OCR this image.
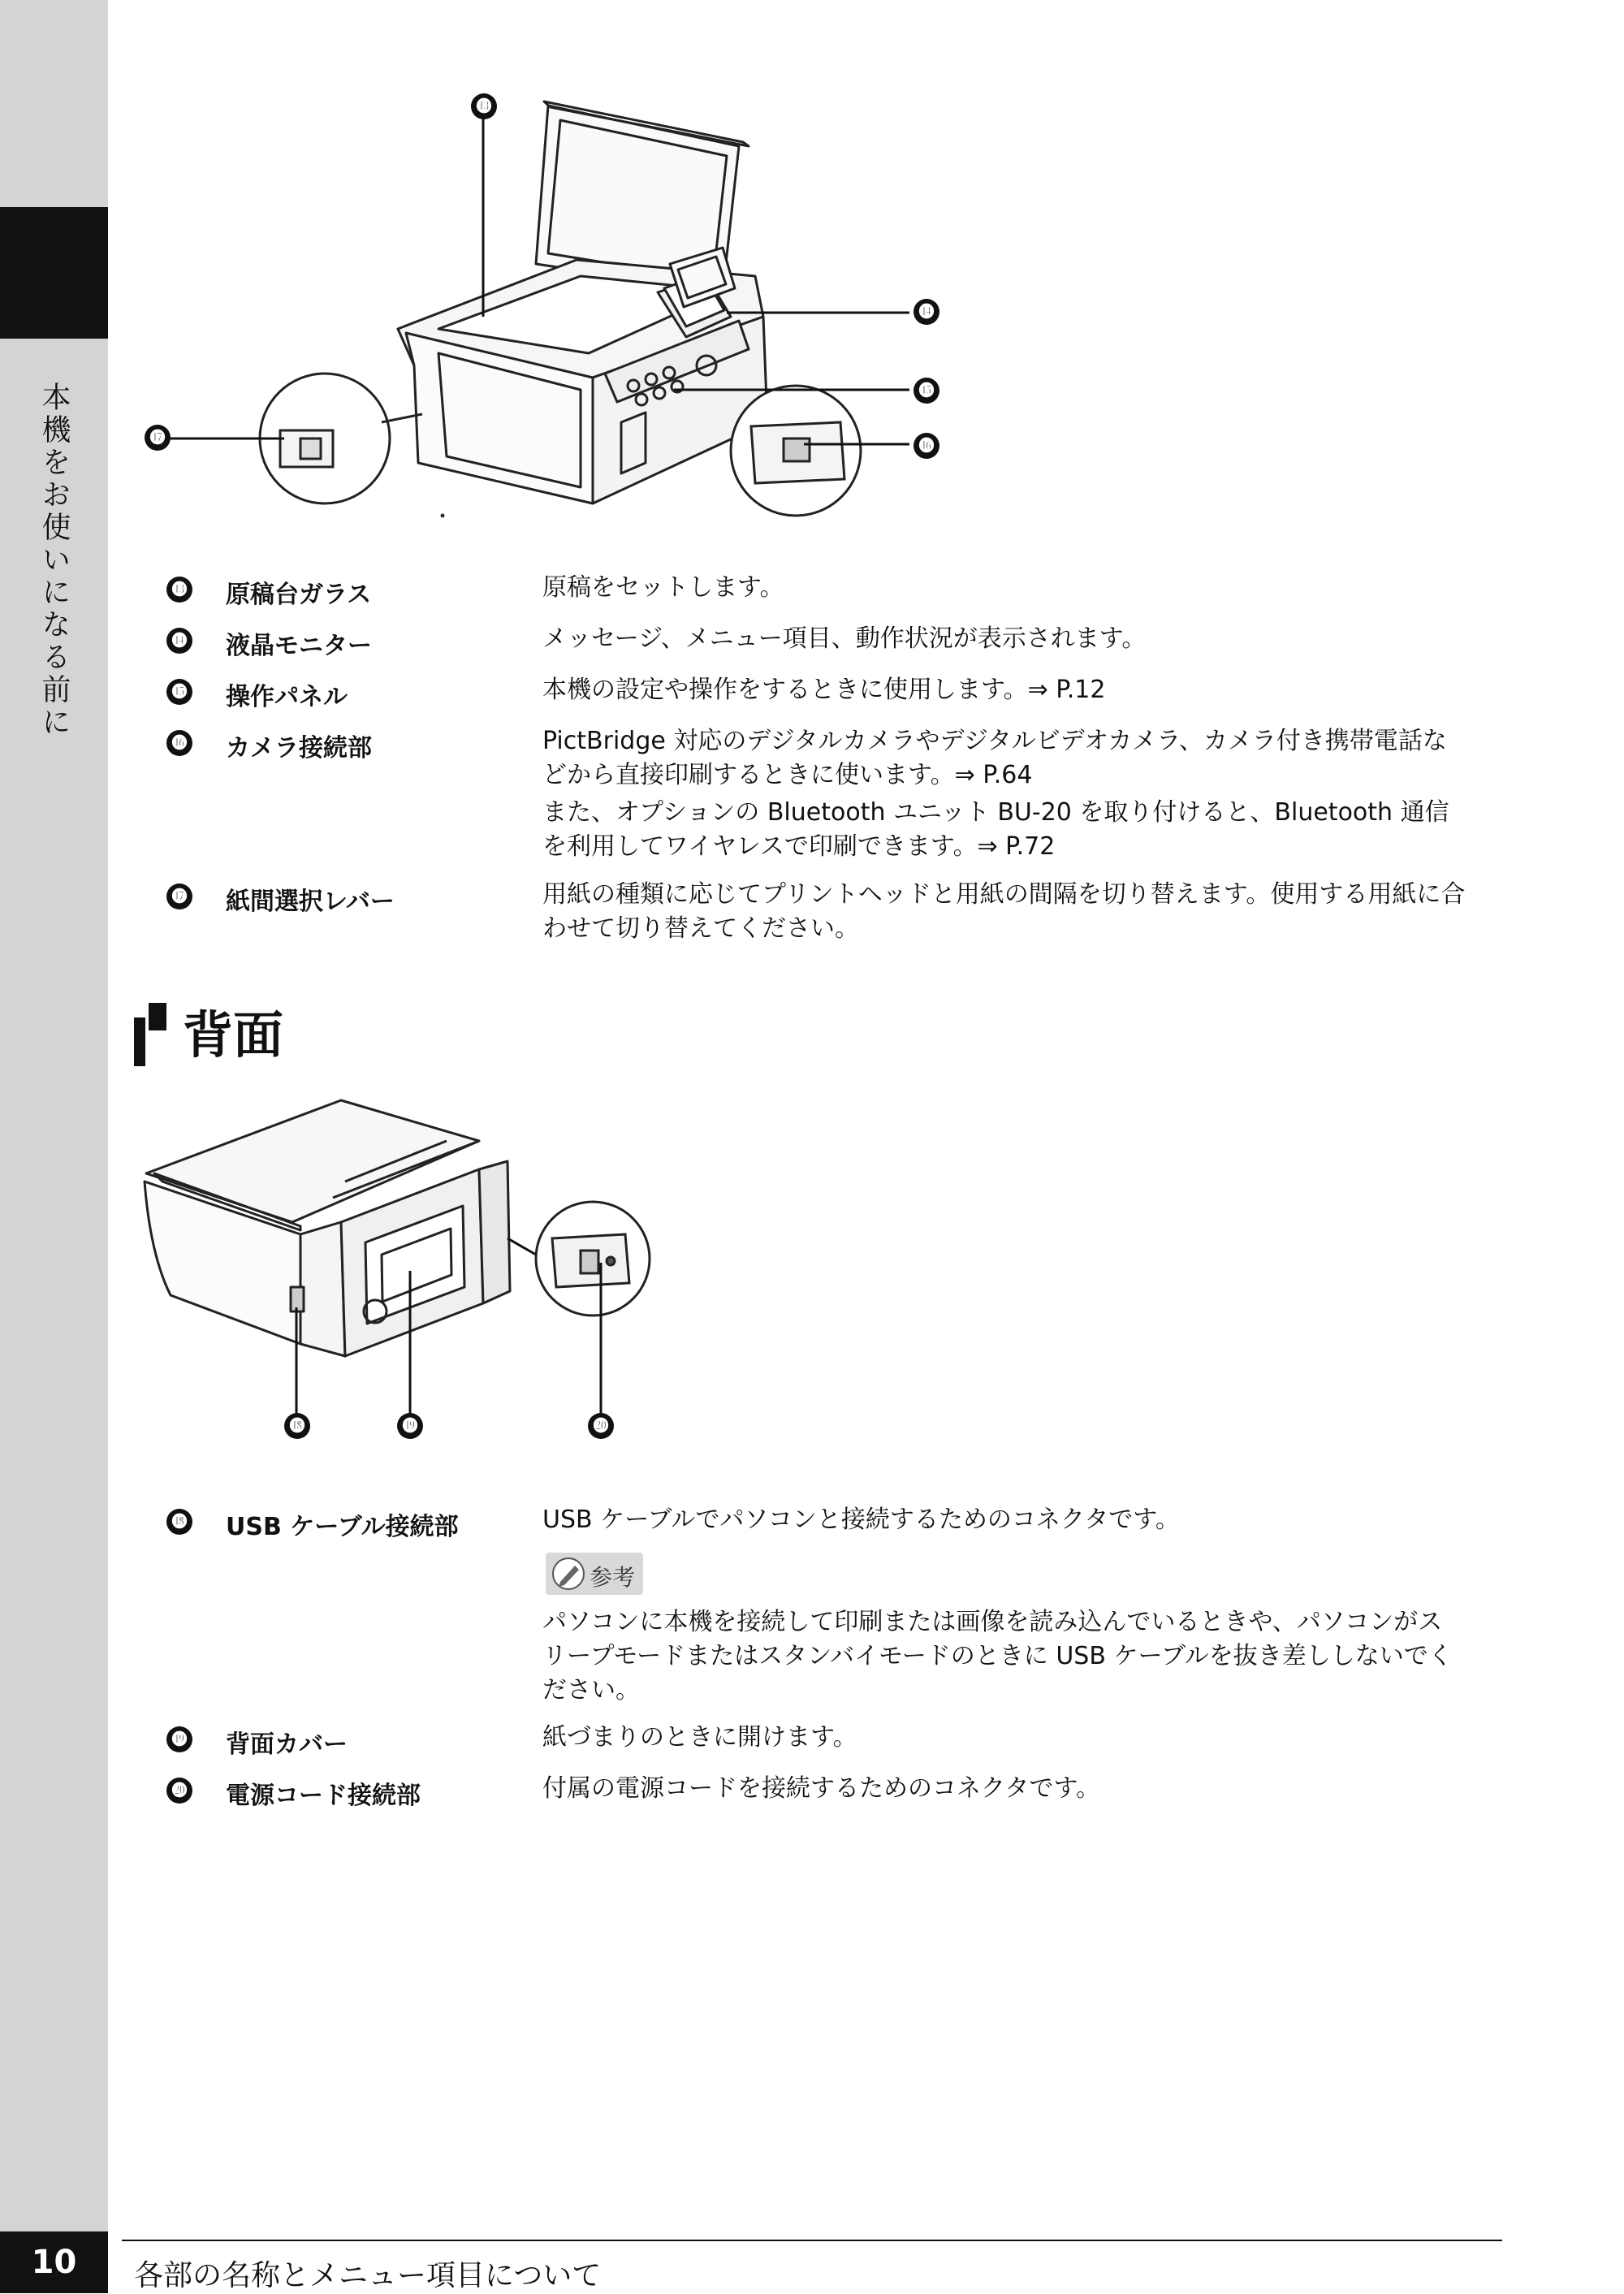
本機をお使いになる前に
⓭
⓮
⓯
⓰
⓱
⓭ 原稿台ガラス	原稿をセットします。
⓮ 液晶モニター	メッセージ、メニュー項目、動作状況が表示されます。
⓯ 操作パネル	本機の設定や操作をするときに使用します。⇒ P.12
⓰ カメラ接続部	PictBridge 対応のデジタルカメラやデジタルビデオカメラ、カメラ付き携帯電話な
どから直接印刷するときに使います。⇒ P.64
また、オプションの Bluetooth ユニット BU-20 を取り付けると、Bluetooth 通信
を利用してワイヤレスで印刷できます。⇒ P.72
⓱ 紙間選択レバー	用紙の種類に応じてプリントヘッドと用紙の間隔を切り替えます。使用する用紙に合
わせて切り替えてください。
背面
⓲	⓳	⓴
⓲ USB ケーブル接続部	USB ケーブルでパソコンと接続するためのコネクタです。
参考
パソコンに本機を接続して印刷または画像を読み込んでいるときや、パソコンがス
リープモードまたはスタンバイモードのときに USB ケーブルを抜き差ししないでく
ださい。
⓳ 背面カバー	紙づまりのときに開けます。
⓴ 電源コード接続部	付属の電源コードを接続するためのコネクタです。
10	各部の名称とメニュー項目について
